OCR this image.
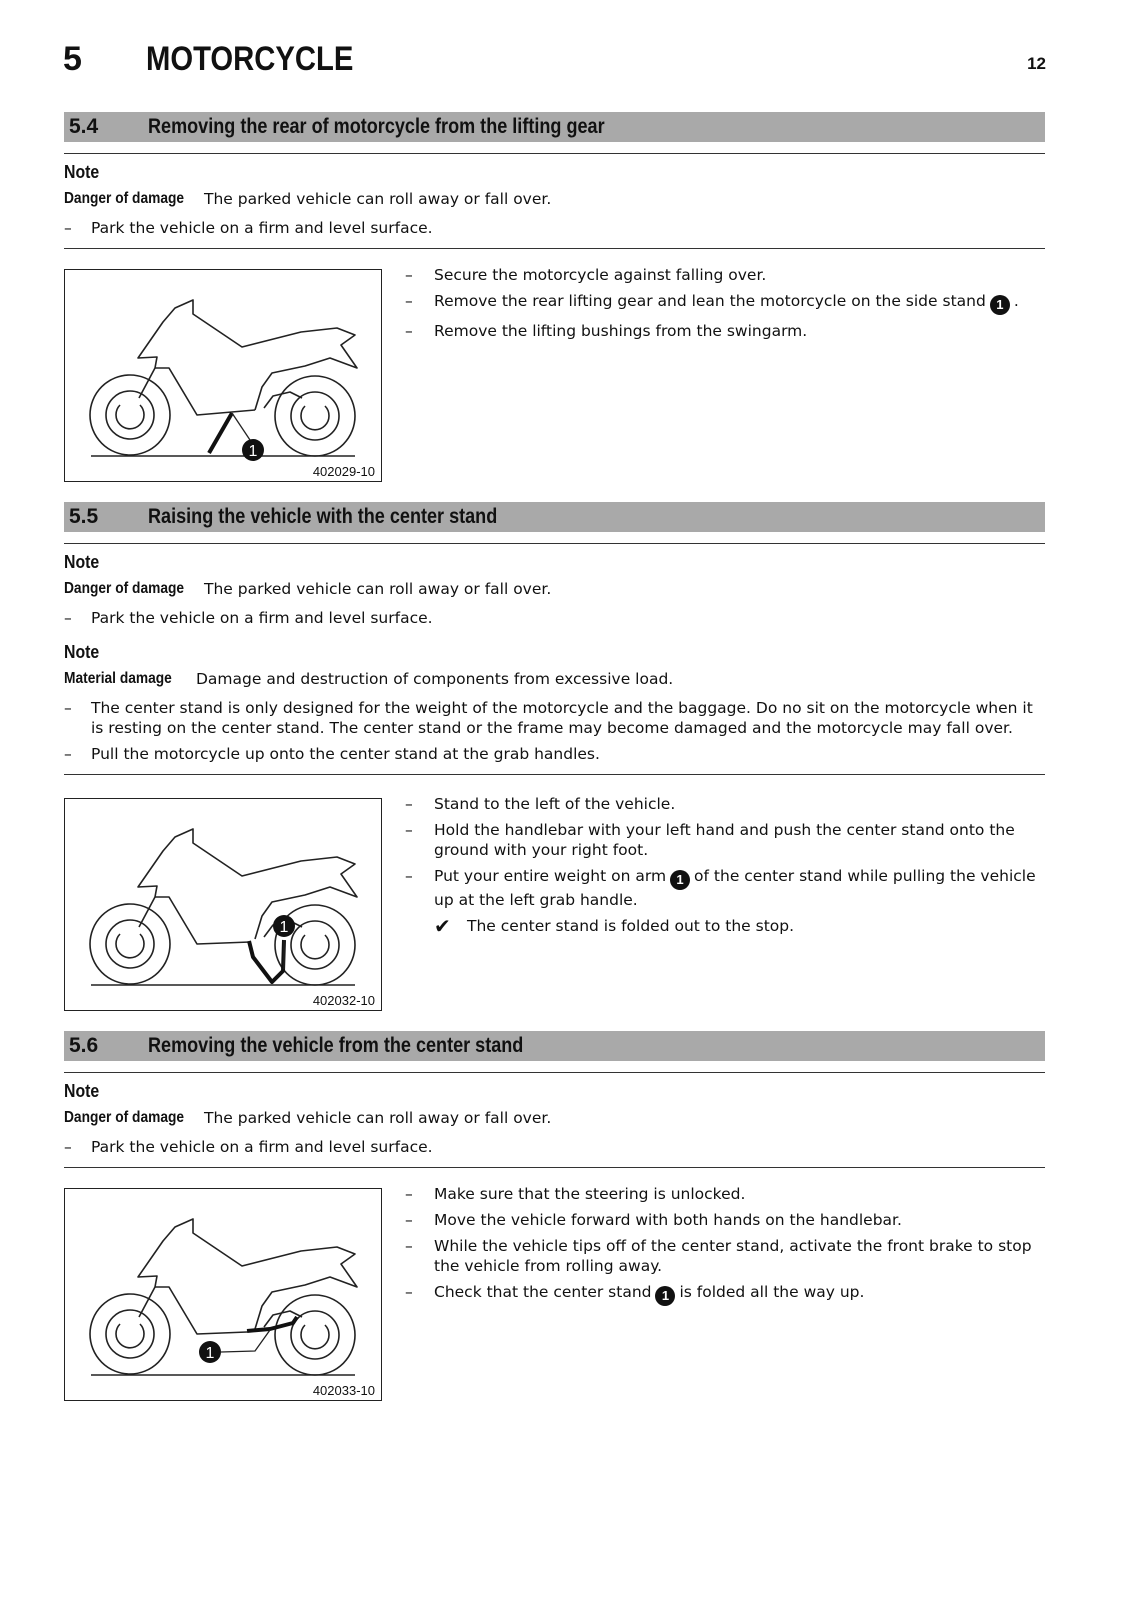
5 MOTORCYCLE	12
5.4 Removing the rear of motorcycle from the lifting gear
Note
Danger of damage The parked vehicle can roll away or fall over.
– Park the vehicle on a firm and level surface.
1
402029-10
– Secure the motorcycle against falling over.
– Remove the rear lifting gear and lean the motorcycle on the side stand 1 .
– Remove the lifting bushings from the swingarm.
5.5 Raising the vehicle with the center stand
Note
Danger of damage The parked vehicle can roll away or fall over.
– Park the vehicle on a firm and level surface.
Note
Material damage	Damage and destruction of components from excessive load.
– The center stand is only designed for the weight of the motorcycle and the baggage. Do no sit on the motorcycle when it is resting on the center stand. The center stand or the frame may become damaged and the motorcycle may fall over.
– Pull the motorcycle up onto the center stand at the grab handles.
1
402032-10
– Stand to the left of the vehicle.
– Hold the handlebar with your left hand and push the center stand onto the ground with your right foot.
– Put your entire weight on arm 1 of the center stand while pulling the vehicle up at the left grab handle.
✔ The center stand is folded out to the stop.
5.6 Removing the vehicle from the center stand
Note
Danger of damage The parked vehicle can roll away or fall over.
– Park the vehicle on a firm and level surface.
1
402033-10
– Make sure that the steering is unlocked.
– Move the vehicle forward with both hands on the handlebar.
– While the vehicle tips off of the center stand, activate the front brake to stop the vehicle from rolling away.
– Check that the center stand 1 is folded all the way up.
